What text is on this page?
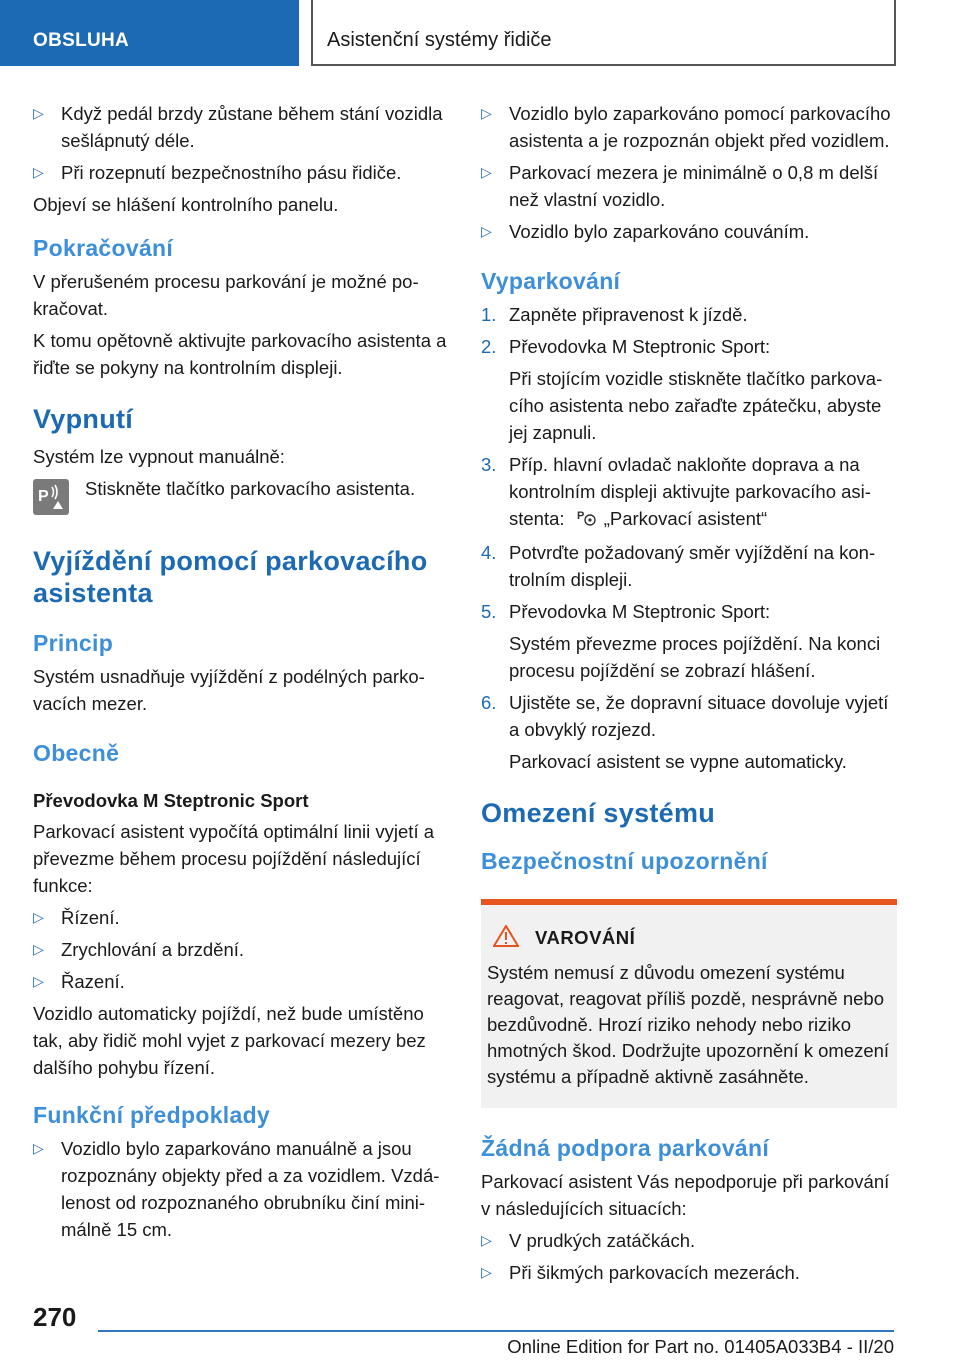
OBSLUHA	Asistenční systémy řidiče
▷ Když pedál brzdy zůstane během stání vozidla sešlápnutý déle.
▷ Při rozepnutí bezpečnostního pásu řidiče.

Objeví se hlášení kontrolního panelu.

Pokračování

V přerušeném procesu parkování je možné pokračovat.

K tomu opětovně aktivujte parkovacího asistenta a řiďte se pokyny na kontrolním displeji.

Vypnutí

Systém lze vypnout manuálně:

P Stiskněte tlačítko parkovacího asistenta.
Vyjíždění pomocí parkovacího asistenta
Princip

Systém usnadňuje vyjíždění z podélných parkovacích mezer.

Obecně
Převodovka M Steptronic Sport

Parkovací asistent vypočítá optimální linii vyjetí a převezme během procesu pojíždění následující funkce:

▷ Řízení.
▷ Zrychlování a brzdění.
▷ Řazení.

Vozidlo automaticky pojíždí, než bude umístěno tak, aby řidič mohl vyjet z parkovací mezery bez dalšího pohybu řízení.

Funkční předpoklady
▷ Vozidlo bylo zaparkováno manuálně a jsou rozpoznány objekty před a za vozidlem. Vzdálenost od rozpoznaného obrubníku činí minimálně 15 cm.
▷ Vozidlo bylo zaparkováno pomocí parkovacího asistenta a je rozpoznán objekt před vozidlem.
▷ Parkovací mezera je minimálně o 0,8 m delší než vlastní vozidlo.
▷ Vozidlo bylo zaparkováno couváním.
Vyparkování
1. Zapněte připravenost k jízdě.
2. Převodovka M Steptronic Sport:
Při stojícím vozidle stiskněte tlačítko parkovacího asistenta nebo zařaďte zpátečku, abyste jej zapnuli.
3. Příp. hlavní ovladač nakloňte doprava a na kontrolním displeji aktivujte parkovacího asistenta: P „Parkovací asistent“
4. Potvrďte požadovaný směr vyjíždění na kontrolním displeji.
5. Převodovka M Steptronic Sport:
Systém převezme proces pojíždění. Na konci procesu pojíždění se zobrazí hlášení.
6. Ujistěte se, že dopravní situace dovoluje vyjetí a obvyklý rozjezd.
Parkovací asistent se vypne automaticky.
Omezení systému
Bezpečnostní upozornění
VAROVÁNÍ
Systém nemusí z důvodu omezení systému reagovat, reagovat příliš pozdě, nesprávně nebo bezdůvodně. Hrozí riziko nehody nebo riziko hmotných škod. Dodržujte upozornění k omezení systému a případně aktivně zasáhněte.
Žádná podpora parkování

Parkovací asistent Vás nepodporuje při parkování v následujících situacích:

▷ V prudkých zatáčkách.
▷ Při šikmých parkovacích mezerách.
270
Online Edition for Part no. 01405A033B4 - II/20
